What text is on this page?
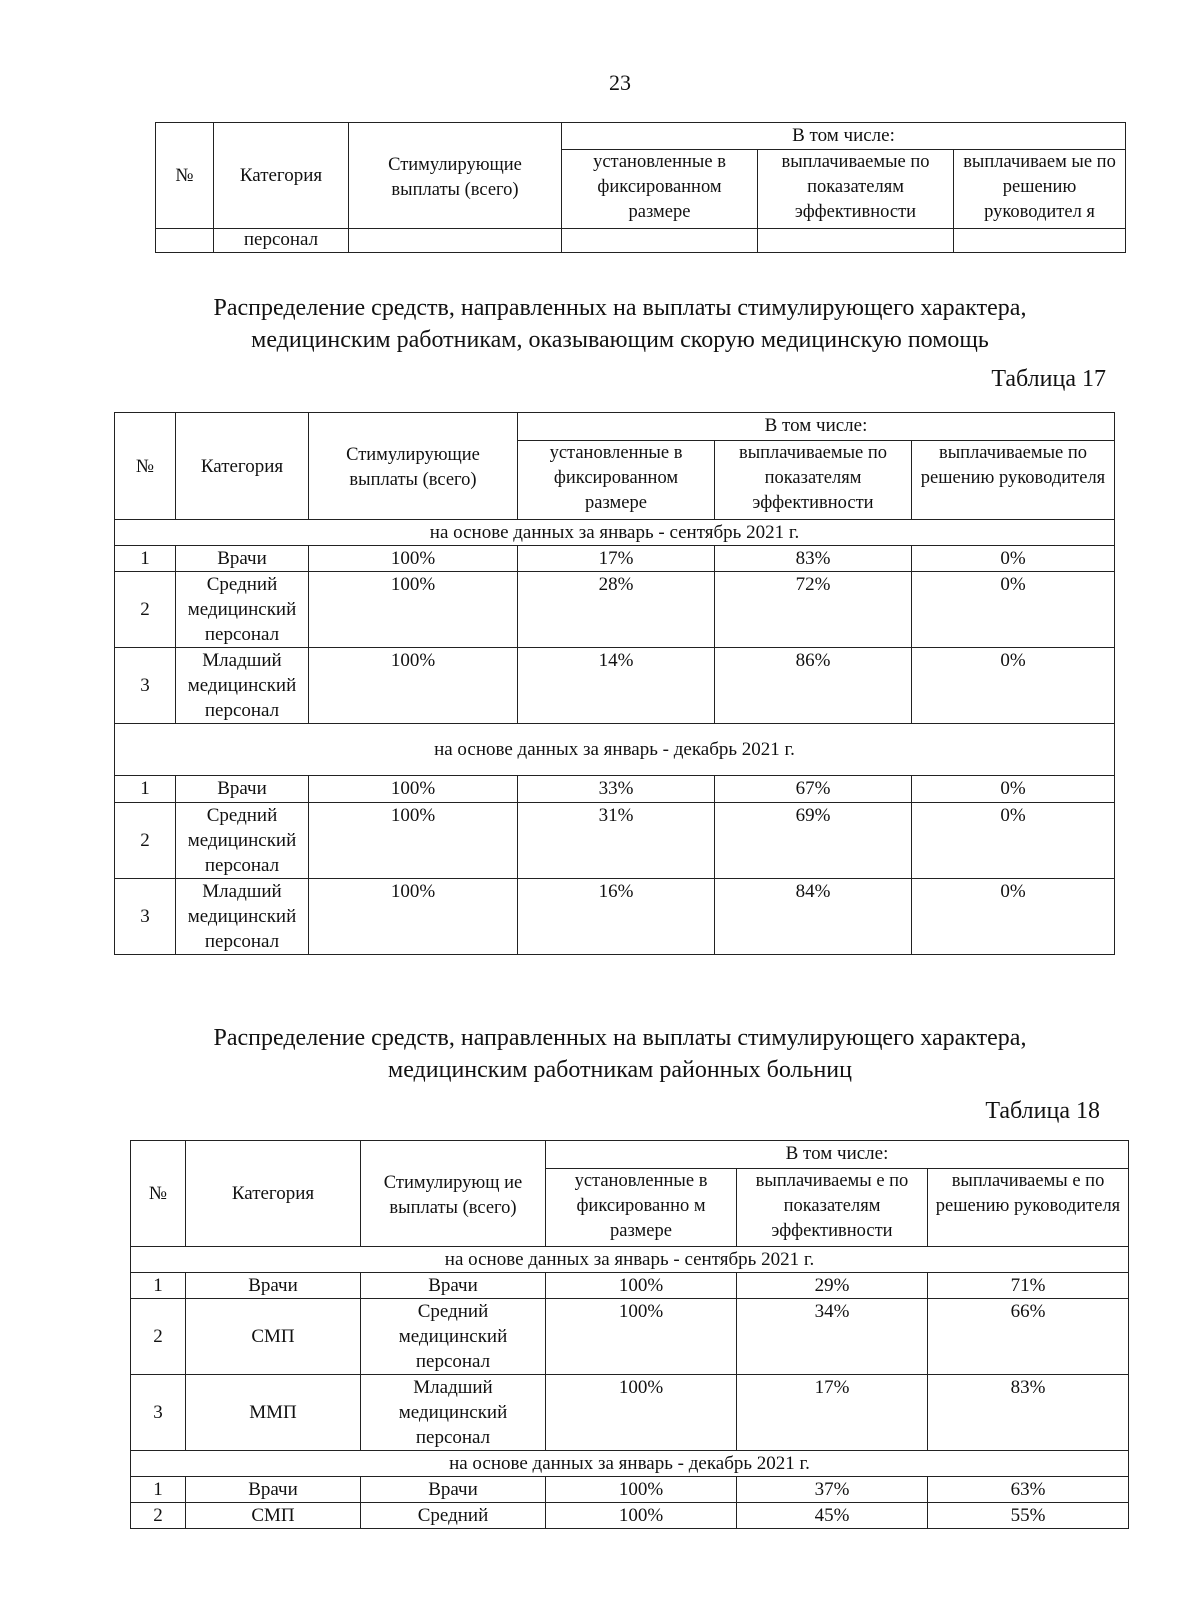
23
№	Категория	Стимулирующие выплаты (всего)	В том числе:		
			установленные в фиксированном размере	выплачиваемые по показателям эффективности	выплачиваем ые по решению руководител я
	персонал				
Распределение средств, направленных на выплаты стимулирующего характера, медицинским работникам, оказывающим скорую медицинскую помощь
Таблица 17
№	Категория	Стимулирующие выплаты (всего)	В том числе:		
			установленные в фиксированном размере	выплачиваемые по показателям эффективности	выплачиваемые по решению руководителя
на основе данных за январь - сентябрь 2021 г.					
1	Врачи	100%	17%	83%	0%
2	Средний медицинский персонал	100%	28%	72%	0%
3	Младший медицинский персонал	100%	14%	86%	0%
на основе данных за январь - декабрь 2021 г.					
1	Врачи	100%	33%	67%	0%
2	Средний медицинский персонал	100%	31%	69%	0%
3	Младший медицинский персонал	100%	16%	84%	0%
Распределение средств, направленных на выплаты стимулирующего характера, медицинским работникам районных больниц
Таблица 18
№	Категория	Стимулирующ ие выплаты (всего)	В том числе:		
			установленные в фиксированно м размере	выплачиваемы е по показателям эффективности	выплачиваемы е по решению руководителя
на основе данных за январь - сентябрь 2021 г.					
1	Врачи	Врачи	100%	29%	71%
2	СМП	Средний медицинский персонал	100%	34%	66%
3	ММП	Младший медицинский персонал	100%	17%	83%
на основе данных за январь - декабрь 2021 г.					
1	Врачи	Врачи	100%	37%	63%
2	СМП	Средний	100%	45%	55%
